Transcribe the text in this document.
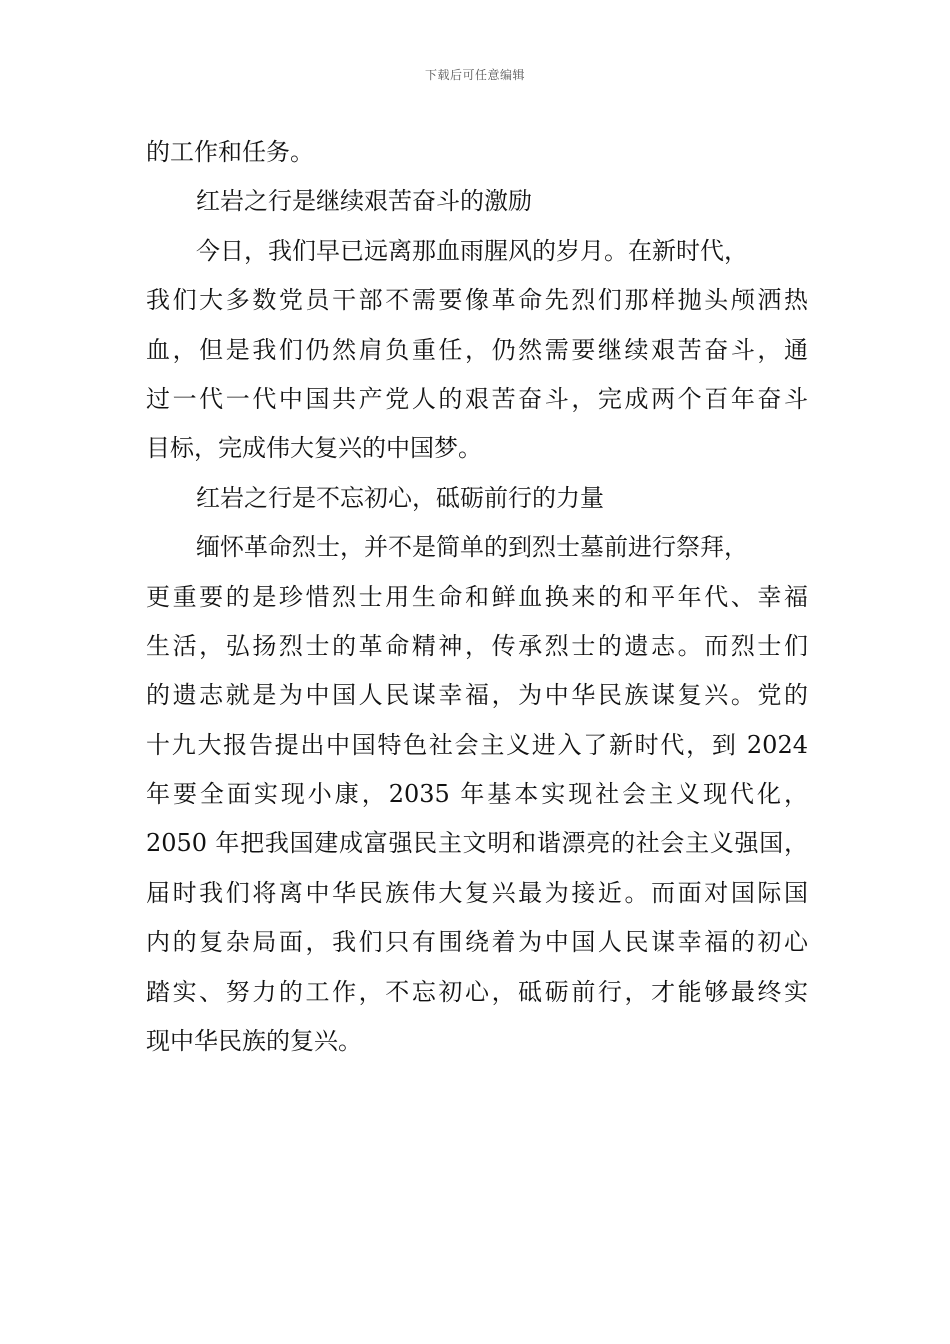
下载后可任意编辑
的工作和任务。
红岩之行是继续艰苦奋斗的激励
今日，我们早已远离那血雨腥风的岁月。在新时代，
我们大多数党员干部不需要像革命先烈们那样抛头颅洒热
血，但是我们仍然肩负重任，仍然需要继续艰苦奋斗，通
过一代一代中国共产党人的艰苦奋斗，完成两个百年奋斗
目标，完成伟大复兴的中国梦。
红岩之行是不忘初心，砥砺前行的力量
缅怀革命烈士，并不是简单的到烈士墓前进行祭拜，
更重要的是珍惜烈士用生命和鲜血换来的和平年代、幸福
生活，弘扬烈士的革命精神，传承烈士的遗志。而烈士们
的遗志就是为中国人民谋幸福，为中华民族谋复兴。党的
十九大报告提出中国特色社会主义进入了新时代，到 2024
年要全面实现小康，2035 年基本实现社会主义现代化，
2050 年把我国建成富强民主文明和谐漂亮的社会主义强国，
届时我们将离中华民族伟大复兴最为接近。而面对国际国
内的复杂局面，我们只有围绕着为中国人民谋幸福的初心
踏实、努力的工作，不忘初心，砥砺前行，才能够最终实
现中华民族的复兴。
